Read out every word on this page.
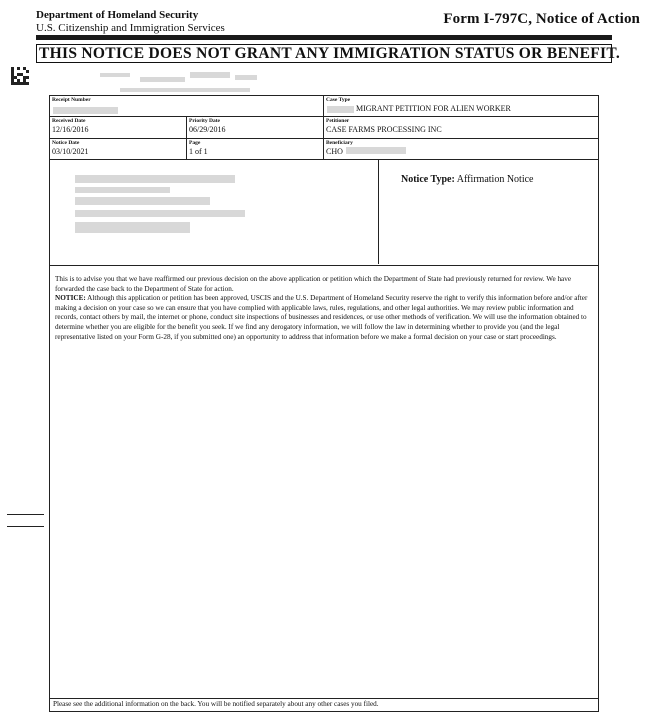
Department of Homeland Security
U.S. Citizenship and Immigration Services
Form I-797C, Notice of Action
THIS NOTICE DOES NOT GRANT ANY IMMIGRATION STATUS OR BENEFIT.
Receipt Number	Case Type
MIGRANT PETITION FOR ALIEN WORKER
Received Date
12/16/2016
Priority Date
06/29/2016
Petitioner
CASE FARMS PROCESSING INC
Notice Date
03/10/2021
Page
1 of 1
Beneficiary
CHO
Notice Type: Affirmation Notice

This is to advise you that we have reaffirmed our previous decision on the above application or petition which the Department of State had previously returned for review. We have forwarded the case back to the Department of State for action.

NOTICE: Although this application or petition has been approved, USCIS and the U.S. Department of Homeland Security reserve the right to verify this information before and/or after making a decision on your case so we can ensure that you have complied with applicable laws, rules, regulations, and other legal authorities. We may review public information and records, contact others by mail, the internet or phone, conduct site inspections of businesses and residences, or use other methods of verification. We will use the information obtained to determine whether you are eligible for the benefit you seek. If we find any derogatory information, we will follow the law in determining whether to provide you (and the legal representative listed on your Form G-28, if you submitted one) an opportunity to address that information before we make a formal decision on your case or start proceedings.

Please see the additional information on the back. You will be notified separately about any other cases you filed.
